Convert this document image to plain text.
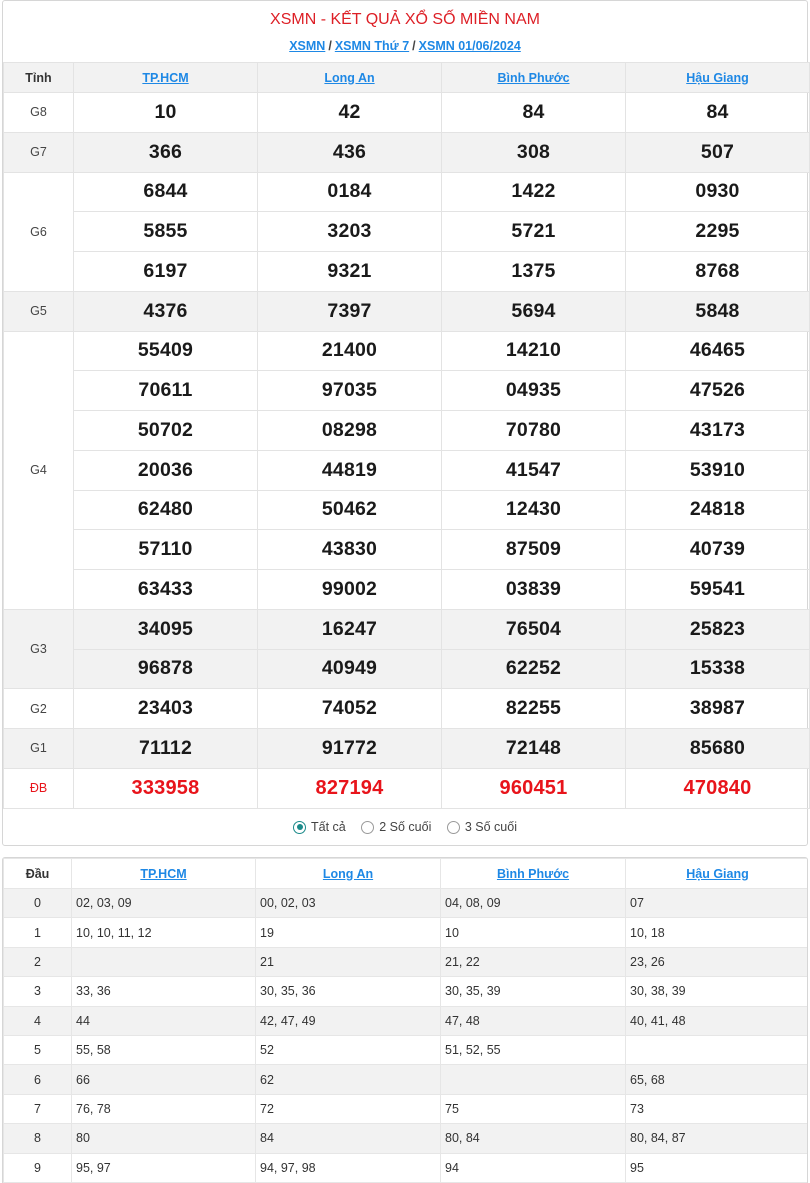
XSMN - KẾT QUẢ XỔ SỐ MIỀN NAM
XSMN / XSMN Thứ 7 / XSMN 01/06/2024
Tỉnh	TP.HCM	Long An	Bình Phước	Hậu Giang
G8	10	42	84	84
G7	366	436	308	507
G6	6844	0184	1422	0930
	5855	3203	5721	2295
	6197	9321	1375	8768
G5	4376	7397	5694	5848
G4	55409	21400	14210	46465
	70611	97035	04935	47526
	50702	08298	70780	43173
	20036	44819	41547	53910
	62480	50462	12430	24818
	57110	43830	87509	40739
	63433	99002	03839	59541
G3	34095	16247	76504	25823
	96878	40949	62252	15338
G2	23403	74052	82255	38987
G1	71112	91772	72148	85680
ĐB	333958	827194	960451	470840
Tất cả
	2 Số cuối
	3 Số cuối
Đầu	TP.HCM	Long An	Bình Phước	Hậu Giang
0	02, 03, 09	00, 02, 03	04, 08, 09	07
1	10, 10, 11, 12	19	10	10, 18
2		21	21, 22	23, 26
3	33, 36	30, 35, 36	30, 35, 39	30, 38, 39
4	44	42, 47, 49	47, 48	40, 41, 48
5	55, 58	52	51, 52, 55	
6	66	62		65, 68
7	76, 78	72	75	73
8	80	84	80, 84	80, 84, 87
9	95, 97	94, 97, 98	94	95
